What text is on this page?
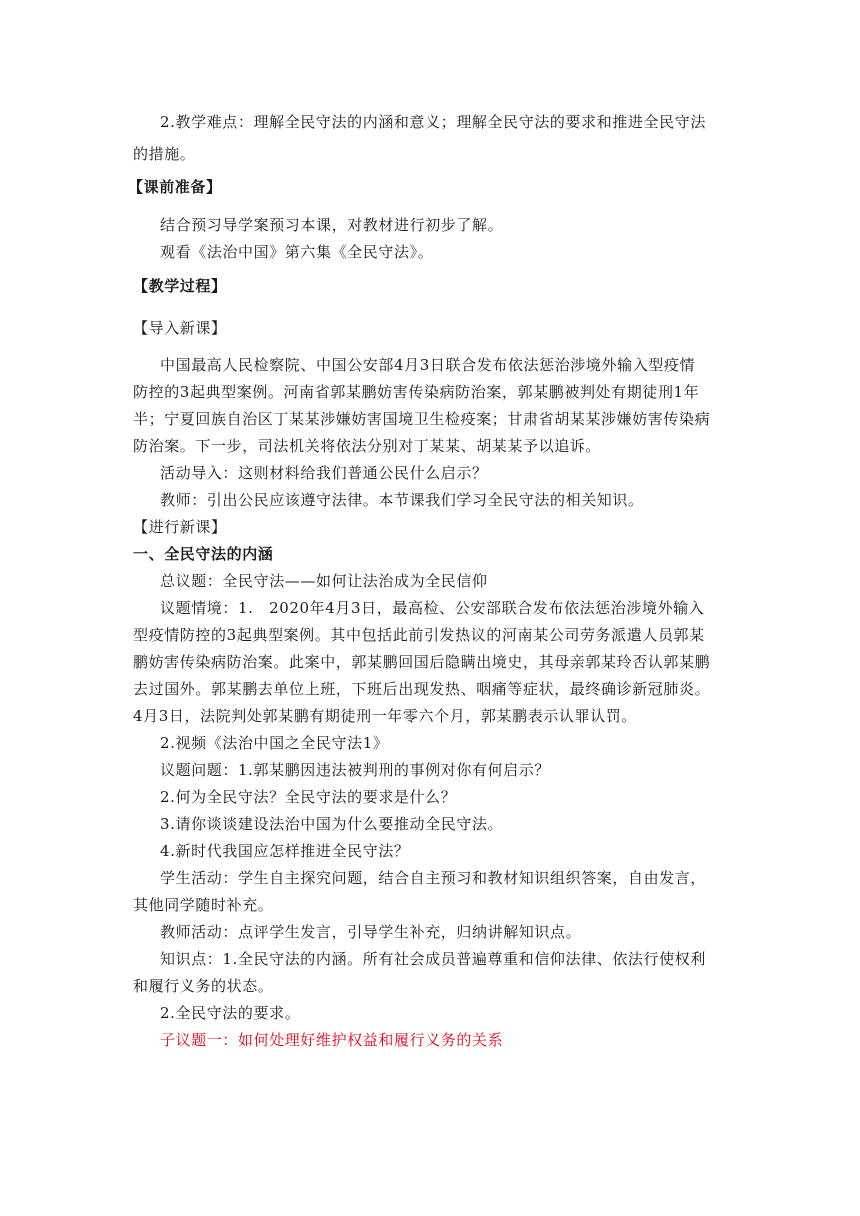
2.教学难点：理解全民守法的内涵和意义；理解全民守法的要求和推进全民守法
的措施。
【课前准备】
结合预习导学案预习本课，对教材进行初步了解。
观看《法治中国》第六集《全民守法》。
【教学过程】
【导入新课】
中国最高人民检察院、中国公安部4月3日联合发布依法惩治涉境外输入型疫情
防控的3起典型案例。河南省郭某鹏妨害传染病防治案，郭某鹏被判处有期徒刑1年
半；宁夏回族自治区丁某某涉嫌妨害国境卫生检疫案；甘肃省胡某某涉嫌妨害传染病
防治案。下一步，司法机关将依法分别对丁某某、胡某某予以追诉。
活动导入：这则材料给我们普通公民什么启示？
教师：引出公民应该遵守法律。本节课我们学习全民守法的相关知识。
【进行新课】
一、全民守法的内涵
总议题：全民守法——如何让法治成为全民信仰
议题情境：1.　2020年4月3日，最高检、公安部联合发布依法惩治涉境外输入
型疫情防控的3起典型案例。其中包括此前引发热议的河南某公司劳务派遣人员郭某
鹏妨害传染病防治案。此案中，郭某鹏回国后隐瞒出境史，其母亲郭某玲否认郭某鹏
去过国外。郭某鹏去单位上班，下班后出现发热、咽痛等症状，最终确诊新冠肺炎。
4月3日，法院判处郭某鹏有期徒刑一年零六个月，郭某鹏表示认罪认罚。
2.视频《法治中国之全民守法1》
议题问题：1.郭某鹏因违法被判刑的事例对你有何启示？
2.何为全民守法？全民守法的要求是什么？
3.请你谈谈建设法治中国为什么要推动全民守法。
4.新时代我国应怎样推进全民守法？
学生活动：学生自主探究问题，结合自主预习和教材知识组织答案，自由发言，
其他同学随时补充。
教师活动：点评学生发言，引导学生补充，归纳讲解知识点。
知识点：1.全民守法的内涵。所有社会成员普遍尊重和信仰法律、依法行使权利
和履行义务的状态。
2.全民守法的要求。
子议题一：如何处理好维护权益和履行义务的关系
